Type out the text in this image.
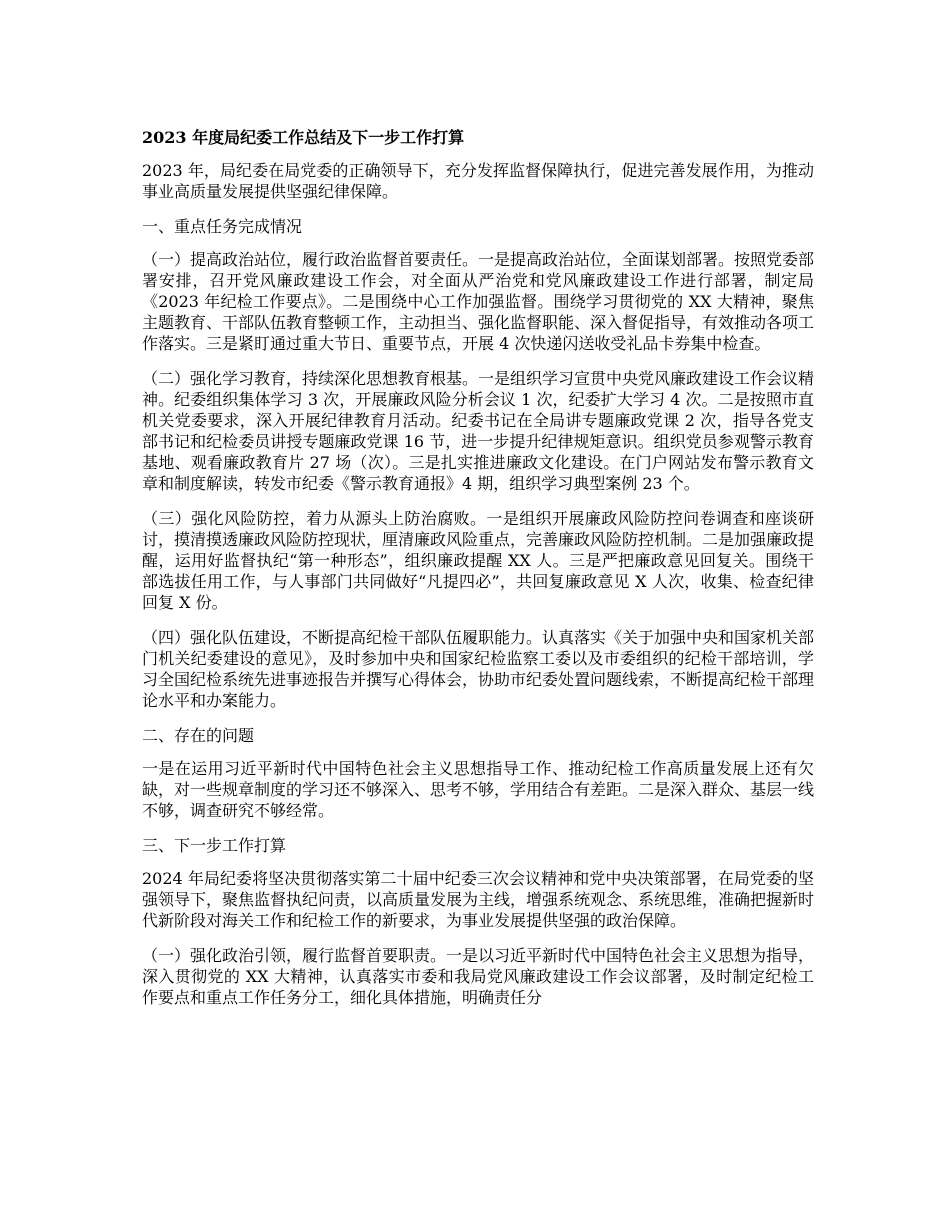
2023 年度局纪委工作总结及下一步工作打算

2023 年，局纪委在局党委的正确领导下，充分发挥监督保障执行，促进完善发展作用，为推动事业高质量发展提供坚强纪律保障。

一、重点任务完成情况

（一）提高政治站位，履行政治监督首要责任。一是提高政治站位，全面谋划部署。按照党委部署安排，召开党风廉政建设工作会，对全面从严治党和党风廉政建设工作进行部署，制定局《2023 年纪检工作要点》。二是围绕中心工作加强监督。围绕学习贯彻党的 XX 大精神，聚焦主题教育、干部队伍教育整顿工作，主动担当、强化监督职能、深入督促指导，有效推动各项工作落实。三是紧盯通过重大节日、重要节点，开展 4 次快递闪送收受礼品卡券集中检查。

（二）强化学习教育，持续深化思想教育根基。一是组织学习宣贯中央党风廉政建设工作会议精神。纪委组织集体学习 3 次，开展廉政风险分析会议 1 次，纪委扩大学习 4 次。二是按照市直机关党委要求，深入开展纪律教育月活动。纪委书记在全局讲专题廉政党课 2 次，指导各党支部书记和纪检委员讲授专题廉政党课 16 节，进一步提升纪律规矩意识。组织党员参观警示教育基地、观看廉政教育片 27 场（次）。三是扎实推进廉政文化建设。在门户网站发布警示教育文章和制度解读，转发市纪委《警示教育通报》4 期，组织学习典型案例 23 个。

（三）强化风险防控，着力从源头上防治腐败。一是组织开展廉政风险防控问卷调查和座谈研讨，摸清摸透廉政风险防控现状，厘清廉政风险重点，完善廉政风险防控机制。二是加强廉政提醒，运用好监督执纪“第一种形态”，组织廉政提醒 XX 人。三是严把廉政意见回复关。围绕干部选拔任用工作，与人事部门共同做好“凡提四必”，共回复廉政意见 X 人次，收集、检查纪律回复 X 份。

（四）强化队伍建设，不断提高纪检干部队伍履职能力。认真落实《关于加强中央和国家机关部门机关纪委建设的意见》，及时参加中央和国家纪检监察工委以及市委组织的纪检干部培训，学习全国纪检系统先进事迹报告并撰写心得体会，协助市纪委处置问题线索，不断提高纪检干部理论水平和办案能力。

二、存在的问题

一是在运用习近平新时代中国特色社会主义思想指导工作、推动纪检工作高质量发展上还有欠缺，对一些规章制度的学习还不够深入、思考不够，学用结合有差距。二是深入群众、基层一线不够，调查研究不够经常。

三、下一步工作打算

2024 年局纪委将坚决贯彻落实第二十届中纪委三次会议精神和党中央决策部署，在局党委的坚强领导下，聚焦监督执纪问责，以高质量发展为主线，增强系统观念、系统思维，准确把握新时代新阶段对海关工作和纪检工作的新要求，为事业发展提供坚强的政治保障。

（一）强化政治引领，履行监督首要职责。一是以习近平新时代中国特色社会主义思想为指导，深入贯彻党的 XX 大精神，认真落实市委和我局党风廉政建设工作会议部署，及时制定纪检工作要点和重点工作任务分工，细化具体措施，明确责任分
